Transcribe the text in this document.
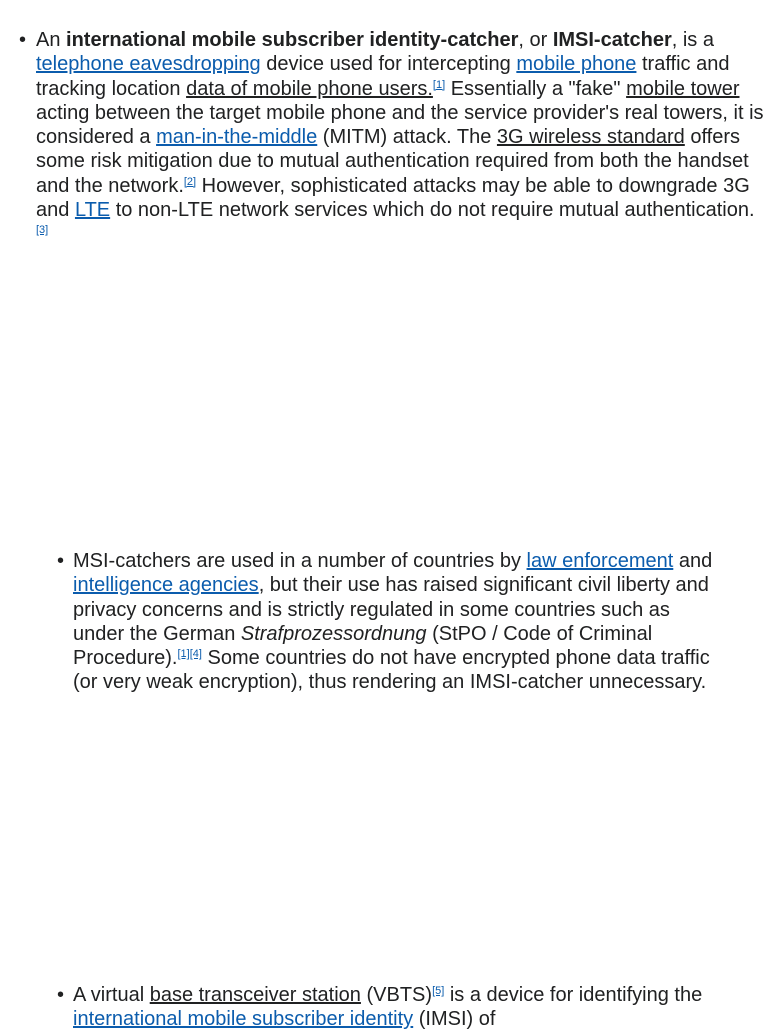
• An international mobile subscriber identity-catcher, or IMSI-catcher, is a telephone eavesdropping device used for intercepting mobile phone traffic and tracking location data of mobile phone users.[1] Essentially a "fake" mobile tower acting between the target mobile phone and the service provider's real towers, it is considered a man-in-the-middle (MITM) attack. The 3G wireless standard offers some risk mitigation due to mutual authentication required from both the handset and the network.[2] However, sophisticated attacks may be able to downgrade 3G and LTE to non-LTE network services which do not require mutual authentication.
[3]
• MSI-catchers are used in a number of countries by law enforcement and intelligence agencies, but their use has raised significant civil liberty and privacy concerns and is strictly regulated in some countries such as under the German Strafprozessordnung (StPO / Code of Criminal Procedure).[1][4] Some countries do not have encrypted phone data traffic (or very weak encryption), thus rendering an IMSI-catcher unnecessary.
• A virtual base transceiver station (VBTS)[5] is a device for identifying the international mobile subscriber identity (IMSI) of
